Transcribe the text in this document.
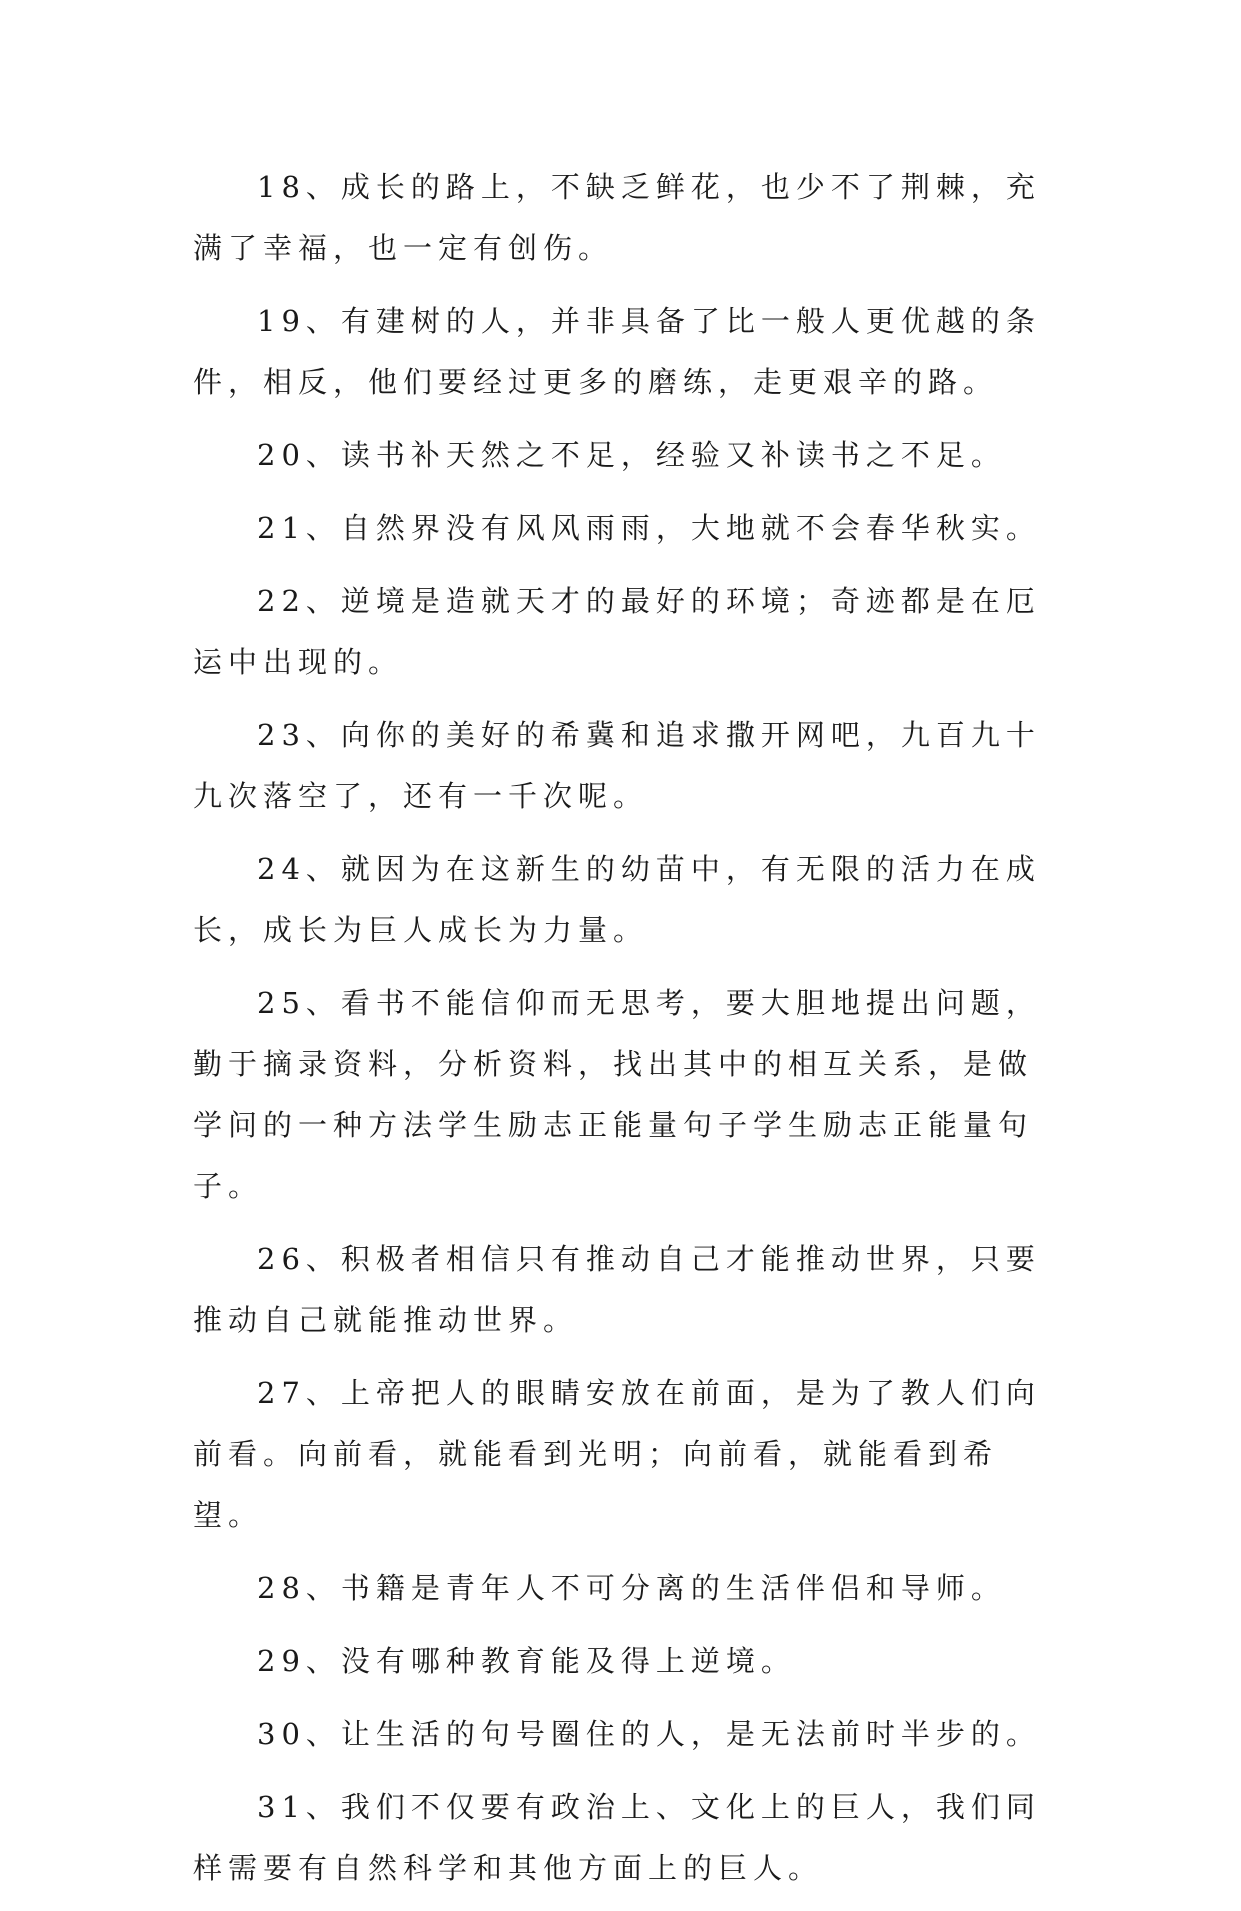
18、成长的路上，不缺乏鲜花，也少不了荆棘，充满了幸福，也一定有创伤。

19、有建树的人，并非具备了比一般人更优越的条件，相反，他们要经过更多的磨练，走更艰辛的路。

20、读书补天然之不足，经验又补读书之不足。

21、自然界没有风风雨雨，大地就不会春华秋实。

22、逆境是造就天才的最好的环境；奇迹都是在厄运中出现的。

23、向你的美好的希冀和追求撒开网吧，九百九十九次落空了，还有一千次呢。

24、就因为在这新生的幼苗中，有无限的活力在成长，成长为巨人成长为力量。

25、看书不能信仰而无思考，要大胆地提出问题，勤于摘录资料，分析资料，找出其中的相互关系，是做学问的一种方法学生励志正能量句子学生励志正能量句子。

26、积极者相信只有推动自己才能推动世界，只要推动自己就能推动世界。

27、上帝把人的眼睛安放在前面，是为了教人们向前看。向前看，就能看到光明；向前看，就能看到希望。

28、书籍是青年人不可分离的生活伴侣和导师。

29、没有哪种教育能及得上逆境。

30、让生活的句号圈住的人，是无法前时半步的。

31、我们不仅要有政治上、文化上的巨人，我们同样需要有自然科学和其他方面上的巨人。
